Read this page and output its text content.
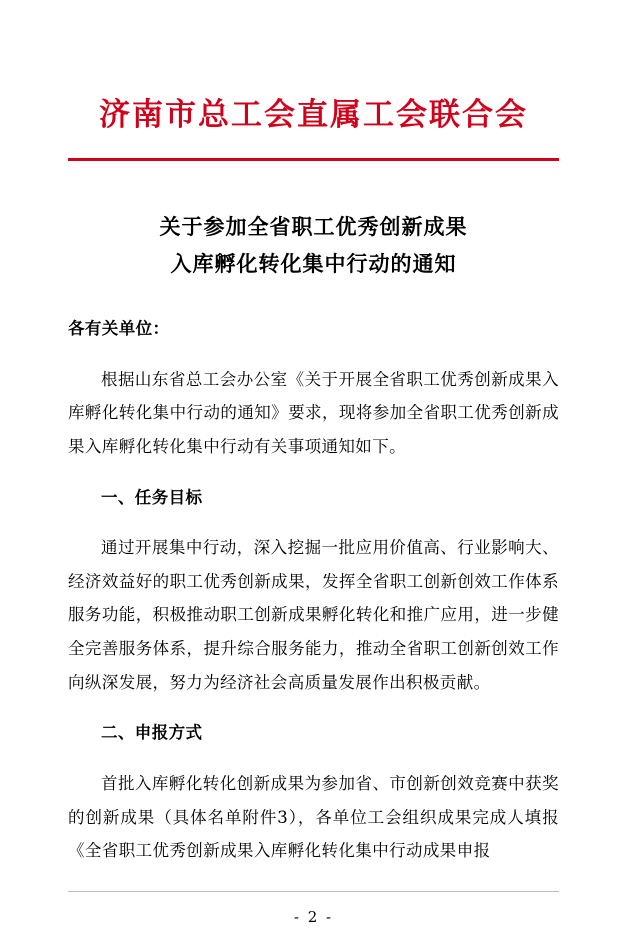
济南市总工会直属工会联合会
关于参加全省职工优秀创新成果
入库孵化转化集中行动的通知

各有关单位：

根据山东省总工会办公室《关于开展全省职工优秀创新成果入库孵化转化集中行动的通知》要求，现将参加全省职工优秀创新成果入库孵化转化集中行动有关事项通知如下。

一、任务目标

通过开展集中行动，深入挖掘一批应用价值高、行业影响大、经济效益好的职工优秀创新成果，发挥全省职工创新创效工作体系服务功能，积极推动职工创新成果孵化转化和推广应用，进一步健全完善服务体系，提升综合服务能力，推动全省职工创新创效工作向纵深发展，努力为经济社会高质量发展作出积极贡献。

二、申报方式

首批入库孵化转化创新成果为参加省、市创新创效竞赛中获奖的创新成果（具体名单附件3），各单位工会组织成果完成人填报《全省职工优秀创新成果入库孵化转化集中行动成果申报

- 2 -
